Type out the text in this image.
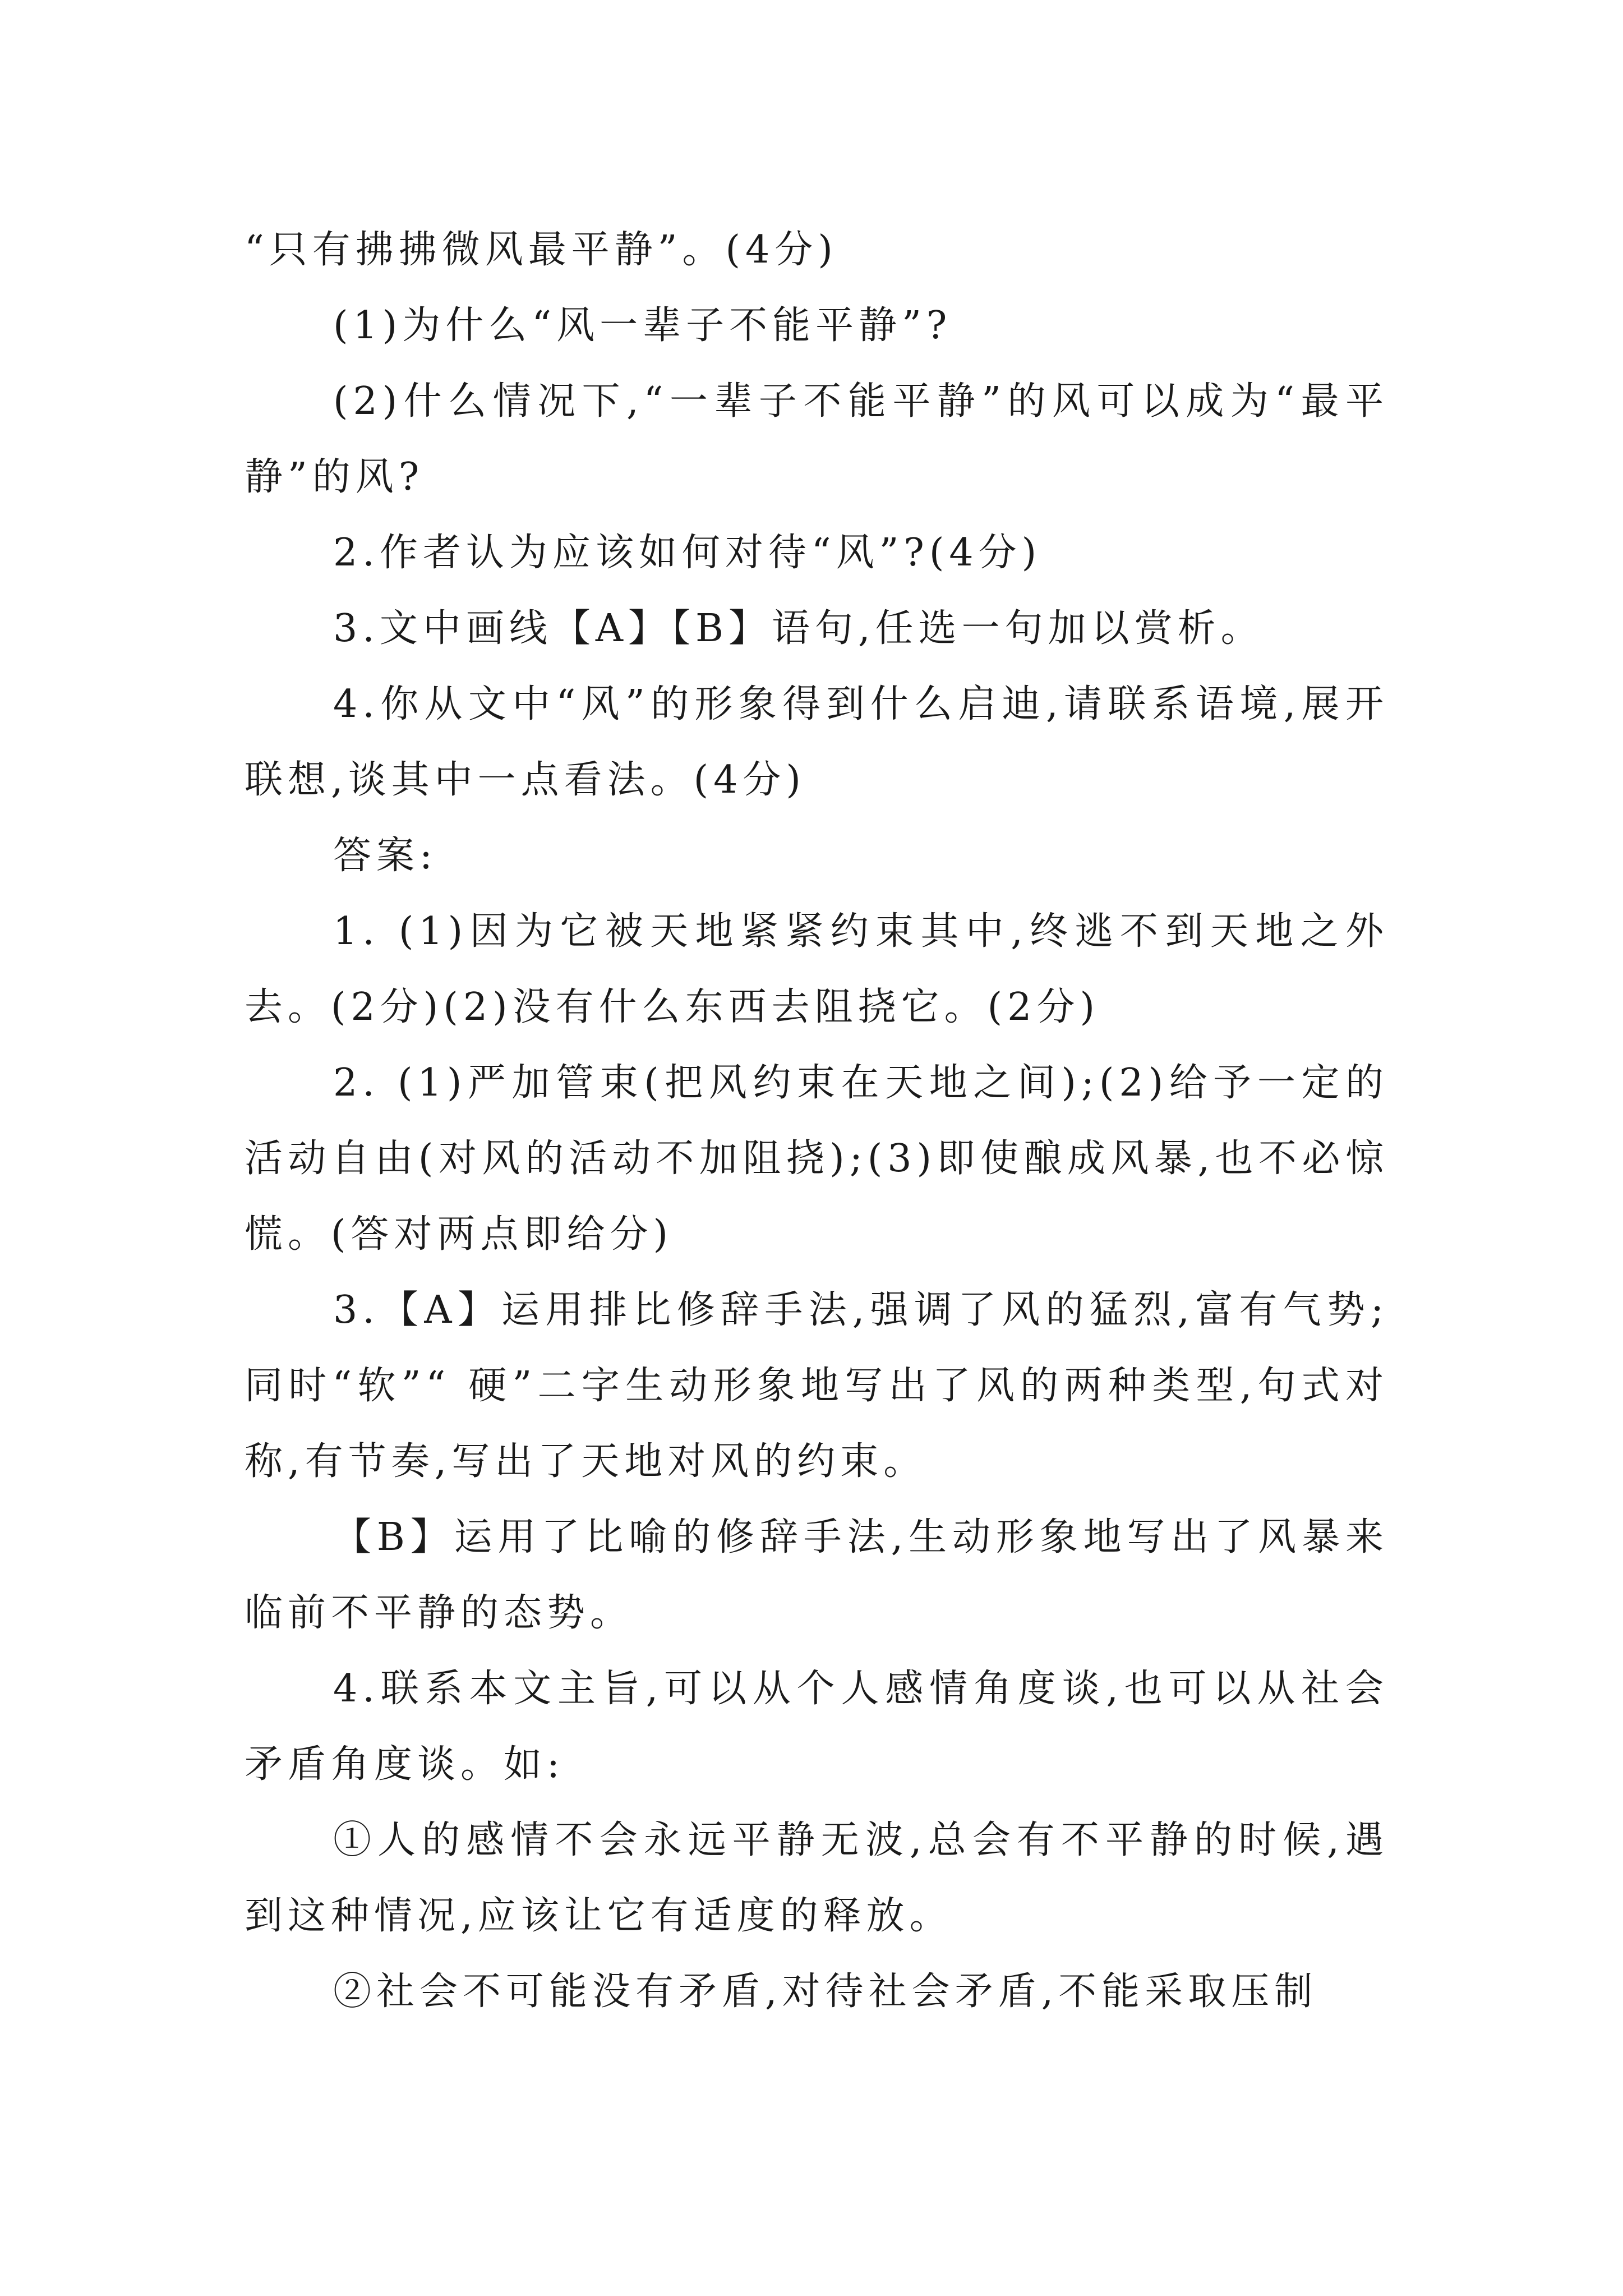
“只有拂拂微风最平静”。(4分)

(1)为什么“风一辈子不能平静”?

(2)什么情况下,“一辈子不能平静”的风可以成为“最平静”的风?

2.作者认为应该如何对待“风”?(4分)

3.文中画线【A】【B】语句,任选一句加以赏析。

4.你从文中“风”的形象得到什么启迪,请联系语境,展开联想,谈其中一点看法。(4分)

答案:

1. (1)因为它被天地紧紧约束其中,终逃不到天地之外去。(2分)(2)没有什么东西去阻挠它。(2分)

2. (1)严加管束(把风约束在天地之间);(2)给予一定的活动自由(对风的活动不加阻挠);(3)即使酿成风暴,也不必惊慌。(答对两点即给分)

3.【A】运用排比修辞手法,强调了风的猛烈,富有气势;同时“软”“ 硬”二字生动形象地写出了风的两种类型,句式对称,有节奏,写出了天地对风的约束。

【B】运用了比喻的修辞手法,生动形象地写出了风暴来临前不平静的态势。

4.联系本文主旨,可以从个人感情角度谈,也可以从社会矛盾角度谈。如:

①人的感情不会永远平静无波,总会有不平静的时候,遇到这种情况,应该让它有适度的释放。

②社会不可能没有矛盾,对待社会矛盾,不能采取压制
